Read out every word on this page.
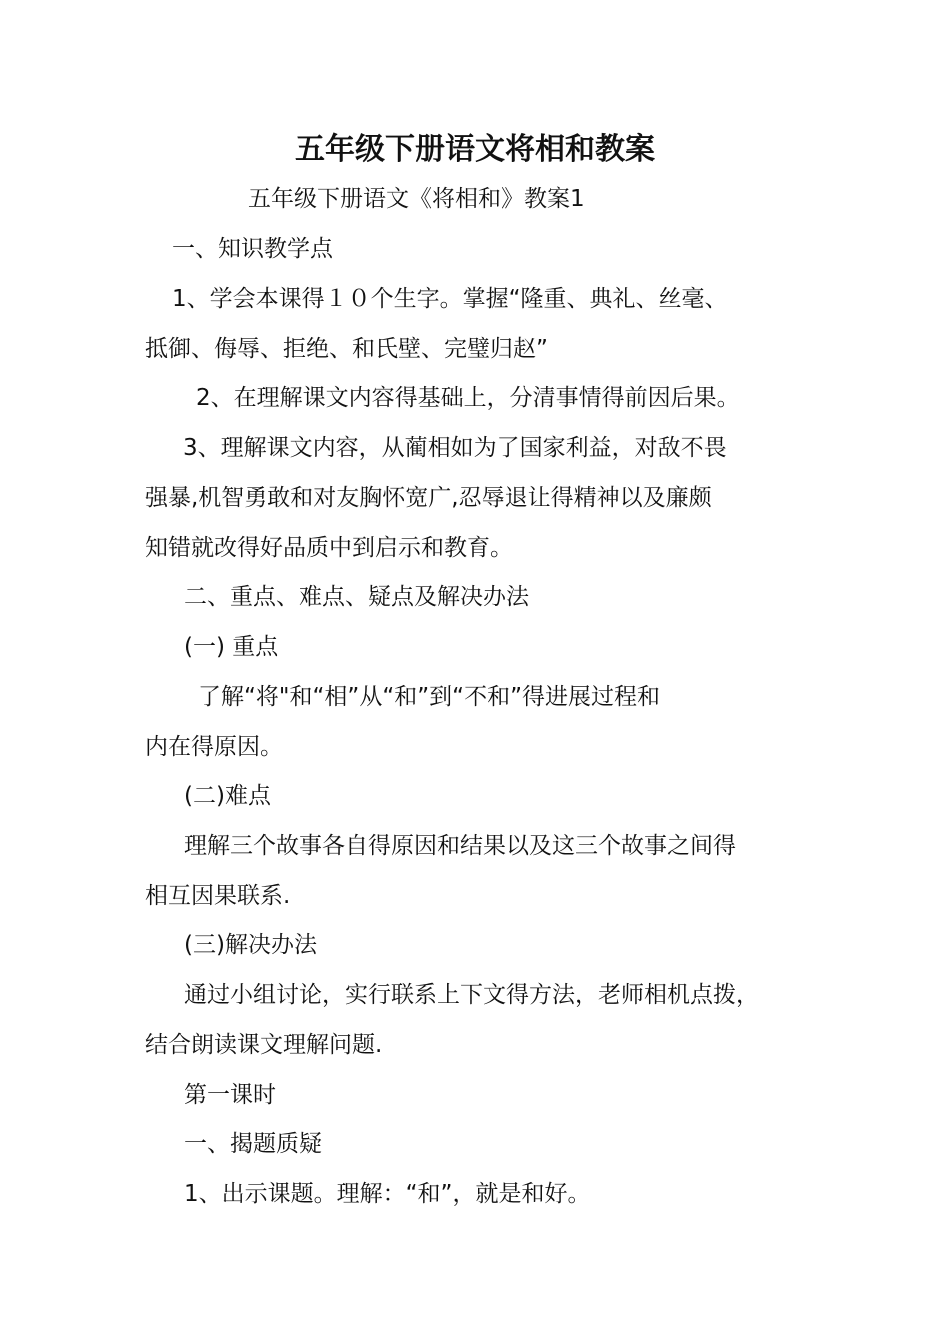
五年级下册语文将相和教案
五年级下册语文《将相和》教案1
一、知识教学点
1、学会本课得１０个生字。掌握“隆重、典礼、丝毫、
抵御、侮辱、拒绝、和氏壁、完璧归赵”
2、在理解课文内容得基础上，分清事情得前因后果。
3、理解课文内容，从蔺相如为了国家利益，对敌不畏
强暴,机智勇敢和对友胸怀宽广,忍辱退让得精神以及廉颇
知错就改得好品质中到启示和教育。
二、重点、难点、疑点及解决办法
(一) 重点
了解“将"和“相”从“和”到“不和”得进展过程和
内在得原因。
(二)难点
理解三个故事各自得原因和结果以及这三个故事之间得
相互因果联系.
(三)解决办法
通过小组讨论，实行联系上下文得方法，老师相机点拨，
结合朗读课文理解问题.
第一课时
一、揭题质疑
1、出示课题。理解：“和”，就是和好。
